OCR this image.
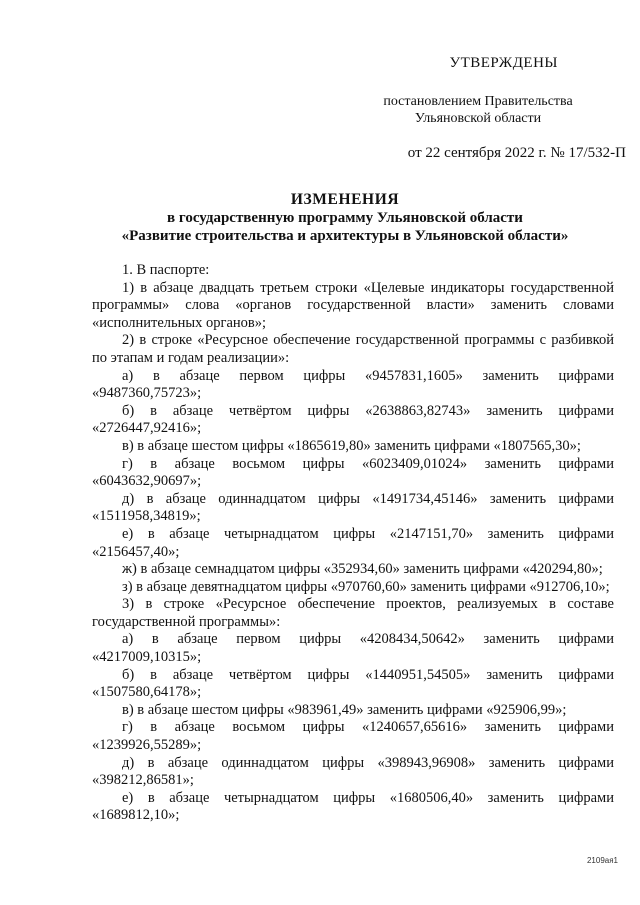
УТВЕРЖДЕНЫ
постановлением Правительства
Ульяновской области
от 22 сентября 2022 г. № 17/532-П
ИЗМЕНЕНИЯ
в государственную программу Ульяновской области
«Развитие строительства и архитектуры в Ульяновской области»

1. В паспорте:

1) в абзаце двадцать третьем строки «Целевые индикаторы государственной программы» слова «органов государственной власти» заменить словами «исполнительных органов»;

2) в строке «Ресурсное обеспечение государственной программы с разбивкой по этапам и годам реализации»:

а) в абзаце первом цифры «9457831,1605» заменить цифрами «9487360,75723»;

б) в абзаце четвёртом цифры «2638863,82743» заменить цифрами «2726447,92416»;

в) в абзаце шестом цифры «1865619,80» заменить цифрами «1807565,30»;

г) в абзаце восьмом цифры «6023409,01024» заменить цифрами «6043632,90697»;

д) в абзаце одиннадцатом цифры «1491734,45146» заменить цифрами «1511958,34819»;

е) в абзаце четырнадцатом цифры «2147151,70» заменить цифрами «2156457,40»;

ж) в абзаце семнадцатом цифры «352934,60» заменить цифрами «420294,80»;

з) в абзаце девятнадцатом цифры «970760,60» заменить цифрами «912706,10»;

3) в строке «Ресурсное обеспечение проектов, реализуемых в составе государственной программы»:

а) в абзаце первом цифры «4208434,50642» заменить цифрами «4217009,10315»;

б) в абзаце четвёртом цифры «1440951,54505» заменить цифрами «1507580,64178»;

в) в абзаце шестом цифры «983961,49» заменить цифрами «925906,99»;

г) в абзаце восьмом цифры «1240657,65616» заменить цифрами «1239926,55289»;

д) в абзаце одиннадцатом цифры «398943,96908» заменить цифрами «398212,86581»;

е) в абзаце четырнадцатом цифры «1680506,40» заменить цифрами «1689812,10»;

2109ая1
